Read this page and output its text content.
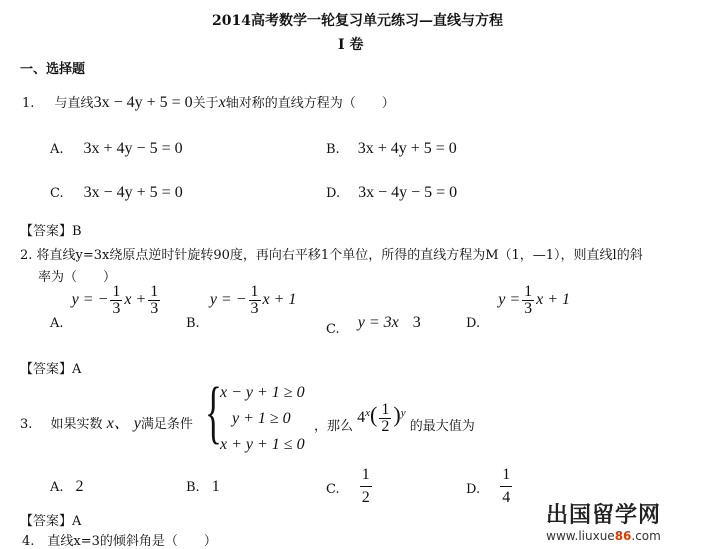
2014高考数学一轮复习单元练习—直线与方程
I 卷
一、选择题
1. 与直线3x − 4y + 5 = 0关于x轴对称的直线方程为（　　）
A. 3x + 4y − 5 = 0	B. 3x + 4y + 5 = 0
C. 3x − 4y + 5 = 0	D. 3x − 4y − 5 = 0
【答案】B
2. 将直线y=3x绕原点逆时针旋转90度，再向右平移1个单位，所得的直线方程为M（1，—1），则直线l的斜
率为（　　）
A. y = − $\frac{1}{3}$ $x + \frac{1}{3}$
B. y = − $\frac{1}{3}$ x + 1
C. y = 3x 3	D. $y = \frac{1}{3}$ x + 1
【答案】A
3. 如果实数 x、 y满足条件 {
x − y + 1 ≥ 0
y + 1 ≥ 0
x + y + 1 ≤ 0
，那么 $4^x( \frac{1}{2} )^y$ 的最大值为
A. 2	B. 1	C. $\frac{1}{2}$	D. $\frac{1}{4}$
【答案】A
4.　直线x=3的倾斜角是（　　）
出国留学网
www.liuxue86.com
